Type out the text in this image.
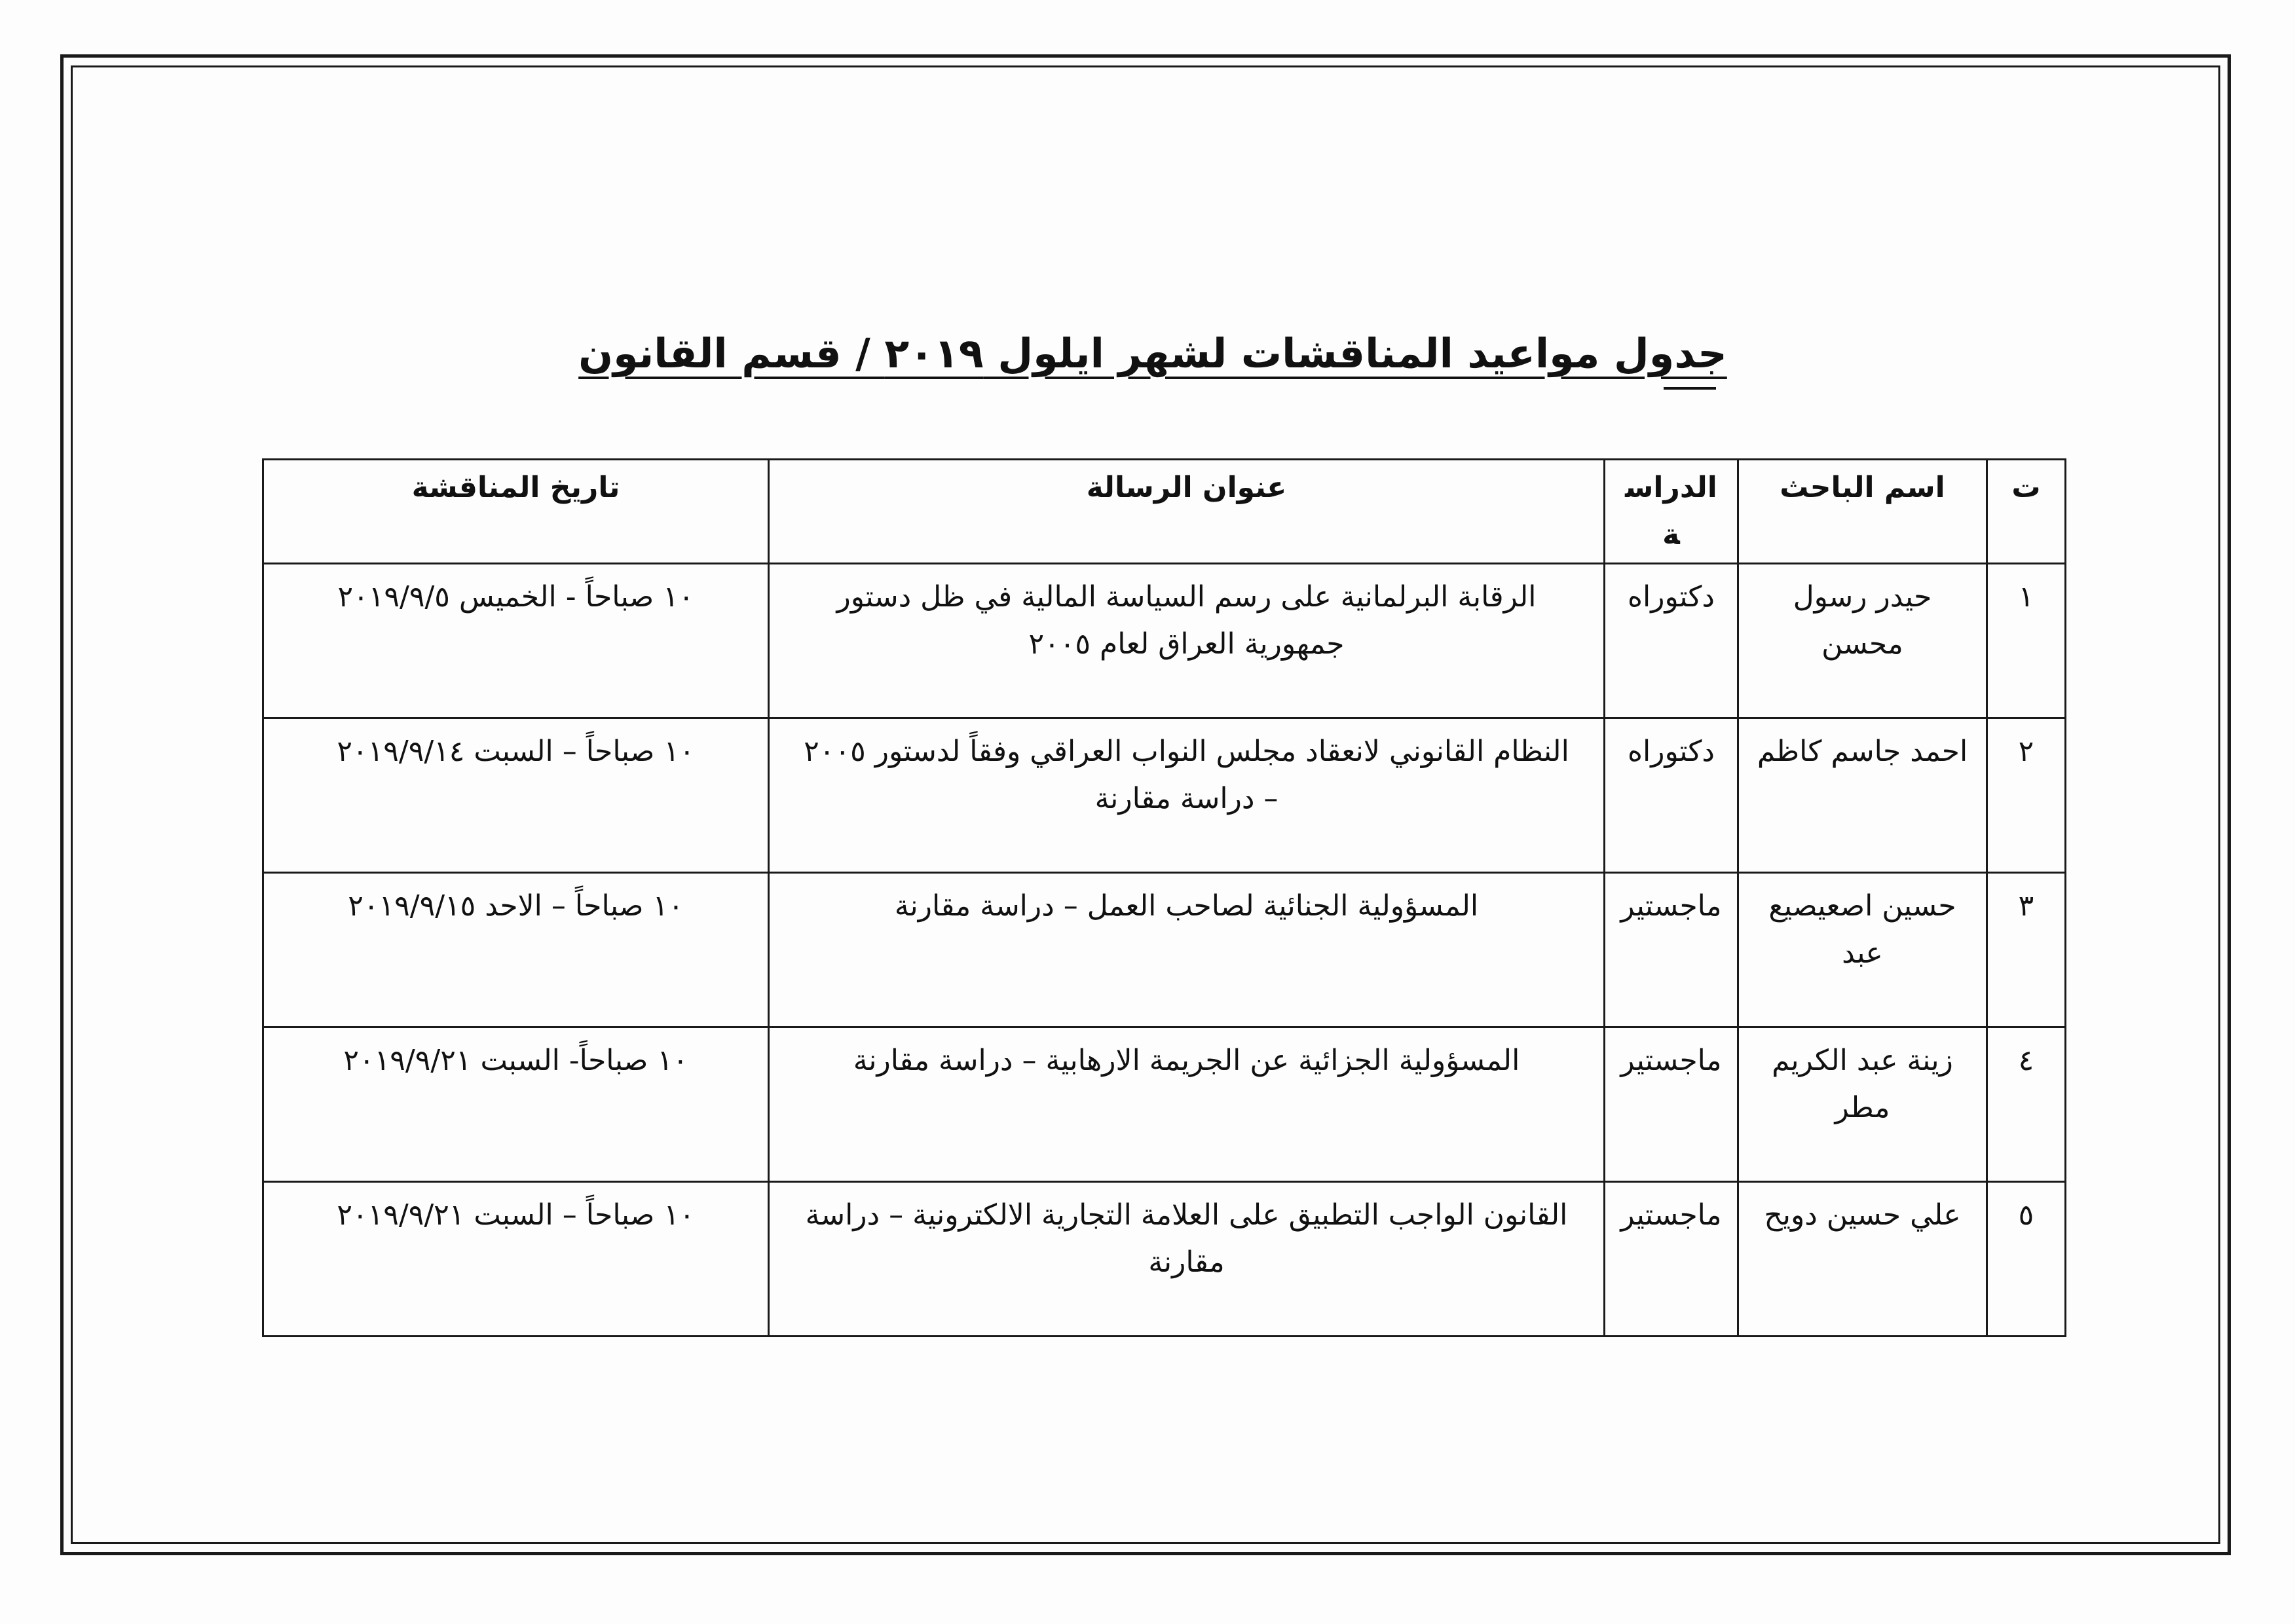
جدول مواعيد المناقشات لشهر ايلول ٢٠١٩ / قسم القانون
ت	اسم الباحث	الدراسة	عنوان الرسالة	تاريخ المناقشة
١	حيدر رسول محسن	دكتوراه	الرقابة البرلمانية على رسم السياسة المالية في ظل دستور جمهورية العراق لعام ٢٠٠٥	١٠ صباحاً - الخميس ٢٠١٩/٩/٥
٢	احمد جاسم كاظم	دكتوراه	النظام القانوني لانعقاد مجلس النواب العراقي وفقاً لدستور ٢٠٠٥ – دراسة مقارنة	١٠ صباحاً – السبت ٢٠١٩/٩/١٤
٣	حسين اصعيصيع عبد	ماجستير	المسؤولية الجنائية لصاحب العمل – دراسة مقارنة	١٠ صباحاً – الاحد ٢٠١٩/٩/١٥
٤	زينة عبد الكريم مطر	ماجستير	المسؤولية الجزائية عن الجريمة الارهابية – دراسة مقارنة	١٠ صباحاً- السبت ٢٠١٩/٩/٢١
٥	علي حسين دويح	ماجستير	القانون الواجب التطبيق على العلامة التجارية الالكترونية – دراسة مقارنة	١٠ صباحاً – السبت ٢٠١٩/٩/٢١
